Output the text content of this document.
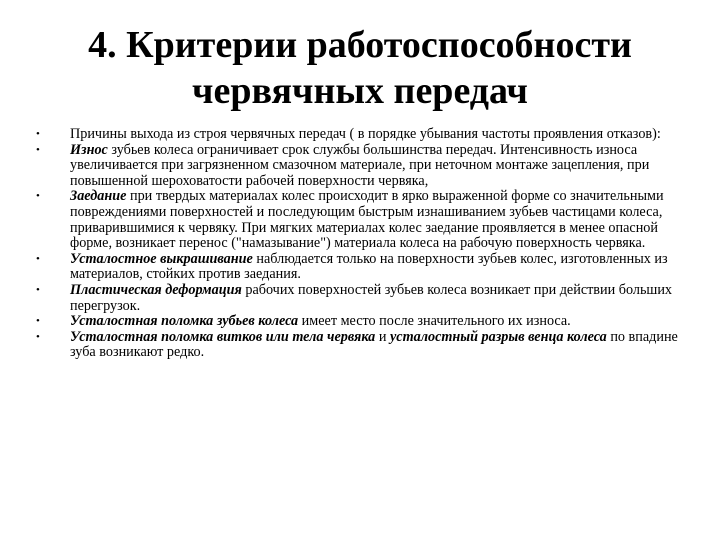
4. Критерии работоспособности
червячных передач
• Причины выхода из строя червячных передач ( в порядке убывания частоты проявления отказов):
• Износ зубьев колеса ограничивает срок службы большинства передач. Интенсивность износа увеличивается при загрязненном смазочном материале, при неточном монтаже зацепления, при повышенной шероховатости рабочей поверхности червяка,
• Заедание при твердых материалах колес происходит в ярко выраженной форме со значительными повреждениями поверхностей и последующим быстрым изнашиванием зубьев частицами колеса, приварившимися к червяку. При мягких материалах колес заедание проявляется в менее опасной форме, возникает перенос ("намазывание") материала колеса на рабочую поверхность червяка.
• Усталостное выкрашивание наблюдается только на поверхности зубьев колес, изготовленных из материалов, стойких против заедания.
• Пластическая деформация рабочих поверхностей зубьев колеса возникает при действии больших перегрузок.
• Усталостная поломка зубьев колеса имеет место после значительного их износа.
• Усталостная поломка витков или тела червяка и усталостный разрыв венца колеса по впадине зуба возникают редко.
